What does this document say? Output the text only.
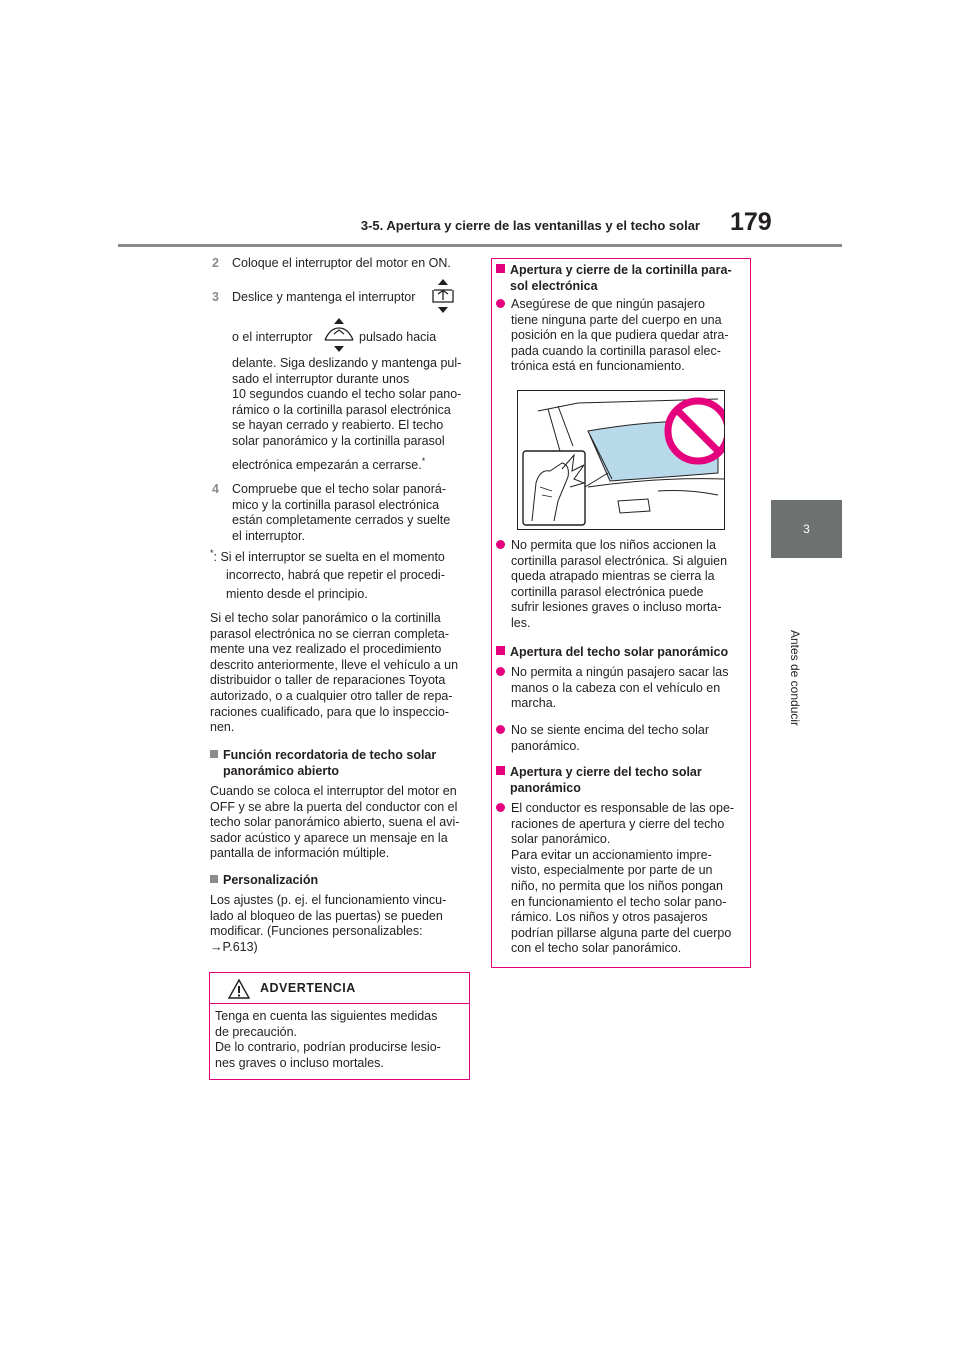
3-5. Apertura y cierre de las ventanillas y el techo solar 179
3
Antes de conducir
2 Coloque el interruptor del motor en ON.
3 Deslice y mantenga el interruptor
o el interruptor	pulsado hacia
delante. Siga deslizando y mantenga pul-
sado el interruptor durante unos
10 segundos cuando el techo solar pano-
rámico o la cortinilla parasol electrónica
se hayan cerrado y reabierto. El techo
solar panorámico y la cortinilla parasol
electrónica empezarán a cerrarse.*
4 Compruebe que el techo solar panorá-
mico y la cortinilla parasol electrónica
están completamente cerrados y suelte
el interruptor.
*: Si el interruptor se suelta en el momento
incorrecto, habrá que repetir el procedi-
miento desde el principio.
Si el techo solar panorámico o la cortinilla
parasol electrónica no se cierran completa-
mente una vez realizado el procedimiento
descrito anteriormente, lleve el vehículo a un
distribuidor o taller de reparaciones Toyota
autorizado, o a cualquier otro taller de repa-
raciones cualificado, para que lo inspeccio-
nen.
Función recordatoria de techo solar
panorámico abierto
Cuando se coloca el interruptor del motor en
OFF y se abre la puerta del conductor con el
techo solar panorámico abierto, suena el avi-
sador acústico y aparece un mensaje en la
pantalla de información múltiple.
Personalización
Los ajustes (p. ej. el funcionamiento vincu-
lado al bloqueo de las puertas) se pueden
modificar. (Funciones personalizables:
→P.613)
ADVERTENCIA
Tenga en cuenta las siguientes medidas
de precaución.
De lo contrario, podrían producirse lesio-
nes graves o incluso mortales.
Apertura y cierre de la cortinilla para-
sol electrónica
Asegúrese de que ningún pasajero
tiene ninguna parte del cuerpo en una
posición en la que pudiera quedar atra-
pada cuando la cortinilla parasol elec-
trónica está en funcionamiento.
No permita que los niños accionen la
cortinilla parasol electrónica. Si alguien
queda atrapado mientras se cierra la
cortinilla parasol electrónica puede
sufrir lesiones graves o incluso morta-
les.
Apertura del techo solar panorámico
No permita a ningún pasajero sacar las
manos o la cabeza con el vehículo en
marcha.
No se siente encima del techo solar
panorámico.
Apertura y cierre del techo solar
panorámico
El conductor es responsable de las ope-
raciones de apertura y cierre del techo
solar panorámico.
Para evitar un accionamiento impre-
visto, especialmente por parte de un
niño, no permita que los niños pongan
en funcionamiento el techo solar pano-
rámico. Los niños y otros pasajeros
podrían pillarse alguna parte del cuerpo
con el techo solar panorámico.
